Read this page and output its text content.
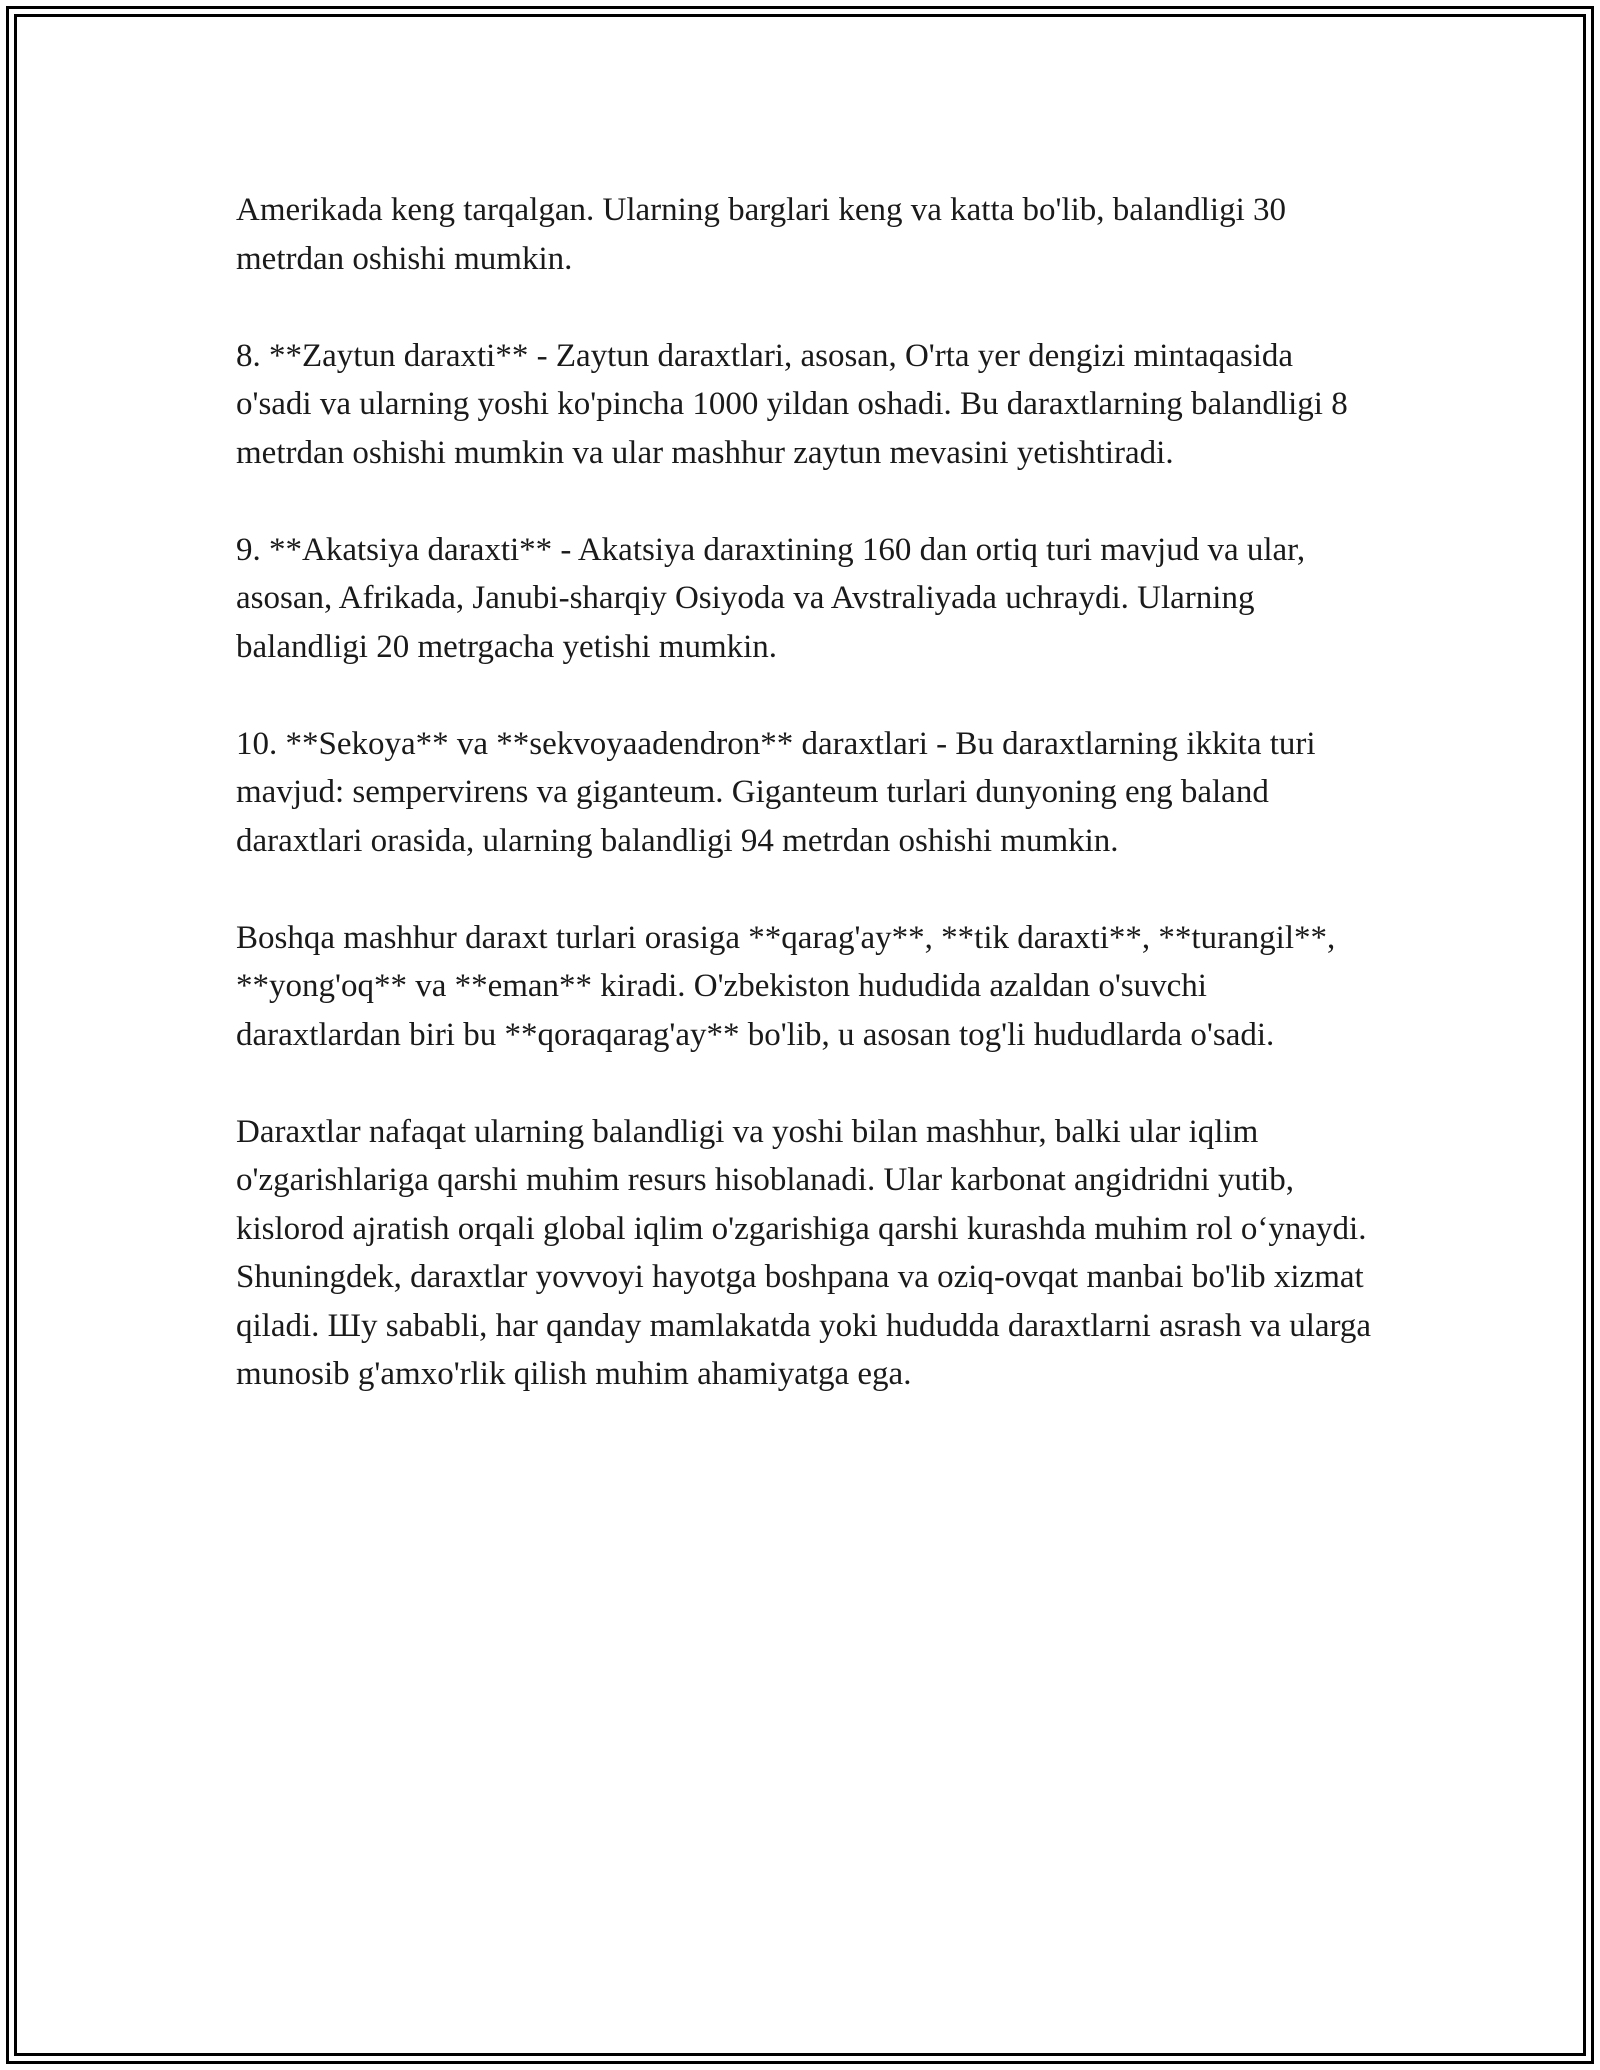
Amerikada keng tarqalgan. Ularning barglari keng va katta bo'lib, balandligi 30 metrdan oshishi mumkin.

8. **Zaytun daraxti** - Zaytun daraxtlari, asosan, O'rta yer dengizi mintaqasida o'sadi va ularning yoshi ko'pincha 1000 yildan oshadi. Bu daraxtlarning balandligi 8 metrdan oshishi mumkin va ular mashhur zaytun mevasini yetishtiradi.

9. **Akatsiya daraxti** - Akatsiya daraxtining 160 dan ortiq turi mavjud va ular, asosan, Afrikada, Janubi-sharqiy Osiyoda va Avstraliyada uchraydi. Ularning balandligi 20 metrgacha yetishi mumkin.

10. **Sekoya** va **sekvoyaadendron** daraxtlari - Bu daraxtlarning ikkita turi mavjud: sempervirens va giganteum. Giganteum turlari dunyoning eng baland daraxtlari orasida, ularning balandligi 94 metrdan oshishi mumkin.

Boshqa mashhur daraxt turlari orasiga **qarag'ay**, **tik daraxti**, **turangil**, **yong'oq** va **eman** kiradi. O'zbekiston hududida azaldan o'suvchi daraxtlardan biri bu **qoraqarag'ay** bo'lib, u asosan tog'li hududlarda o'sadi.

Daraxtlar nafaqat ularning balandligi va yoshi bilan mashhur, balki ular iqlim o'zgarishlariga qarshi muhim resurs hisoblanadi. Ular karbonat angidridni yutib, kislorod ajratish orqali global iqlim o'zgarishiga qarshi kurashda muhim rol o‘ynaydi. Shuningdek, daraxtlar yovvoyi hayotga boshpana va oziq-ovqat manbai bo'lib xizmat qiladi. Шу sababli, har qanday mamlakatda yoki hududda daraxtlarni asrash va ularga munosib g'amxo'rlik qilish muhim ahamiyatga ega.
